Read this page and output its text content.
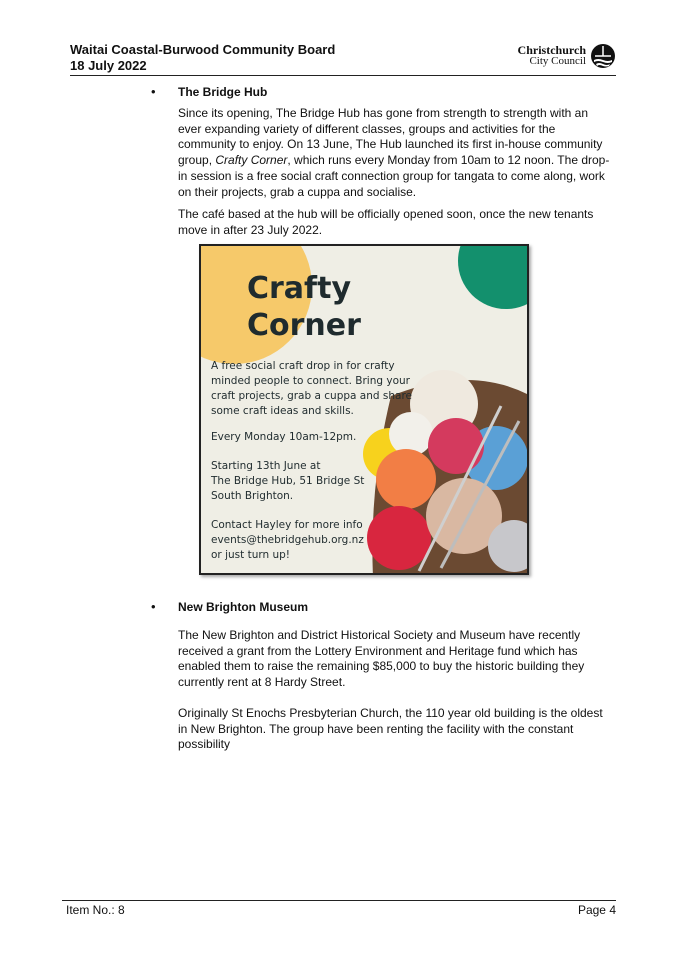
Waitai Coastal-Burwood Community Board
18 July 2022
Christchurch
City Council
• The Bridge Hub

Since its opening, The Bridge Hub has gone from strength to strength with an ever expanding variety of different classes, groups and activities for the community to enjoy. On 13 June, The Hub launched its first in-house community group, Crafty Corner, which runs every Monday from 10am to 12 noon. The drop-in session is a free social craft connection group for tangata to come along, work on their projects, grab a cuppa and socialise.

The café based at the hub will be officially opened soon, once the new tenants move in after 23 July 2022.

Crafty
Corner
A free social craft drop in for crafty
minded people to connect. Bring your
craft projects, grab a cuppa and share
some craft ideas and skills.
Every Monday 10am-12pm.
Starting 13th June at
The Bridge Hub, 51 Bridge St
South Brighton.
Contact Hayley for more info
events@thebridgehub.org.nz
or just turn up!
• New Brighton Museum

The New Brighton and District Historical Society and Museum have recently received a grant from the Lottery Environment and Heritage fund which has enabled them to raise the remaining $85,000 to buy the historic building they currently rent at 8 Hardy Street.

Originally St Enochs Presbyterian Church, the 110 year old building is the oldest in New Brighton. The group have been renting the facility with the constant possibility

Item No.: 8	Page 4
